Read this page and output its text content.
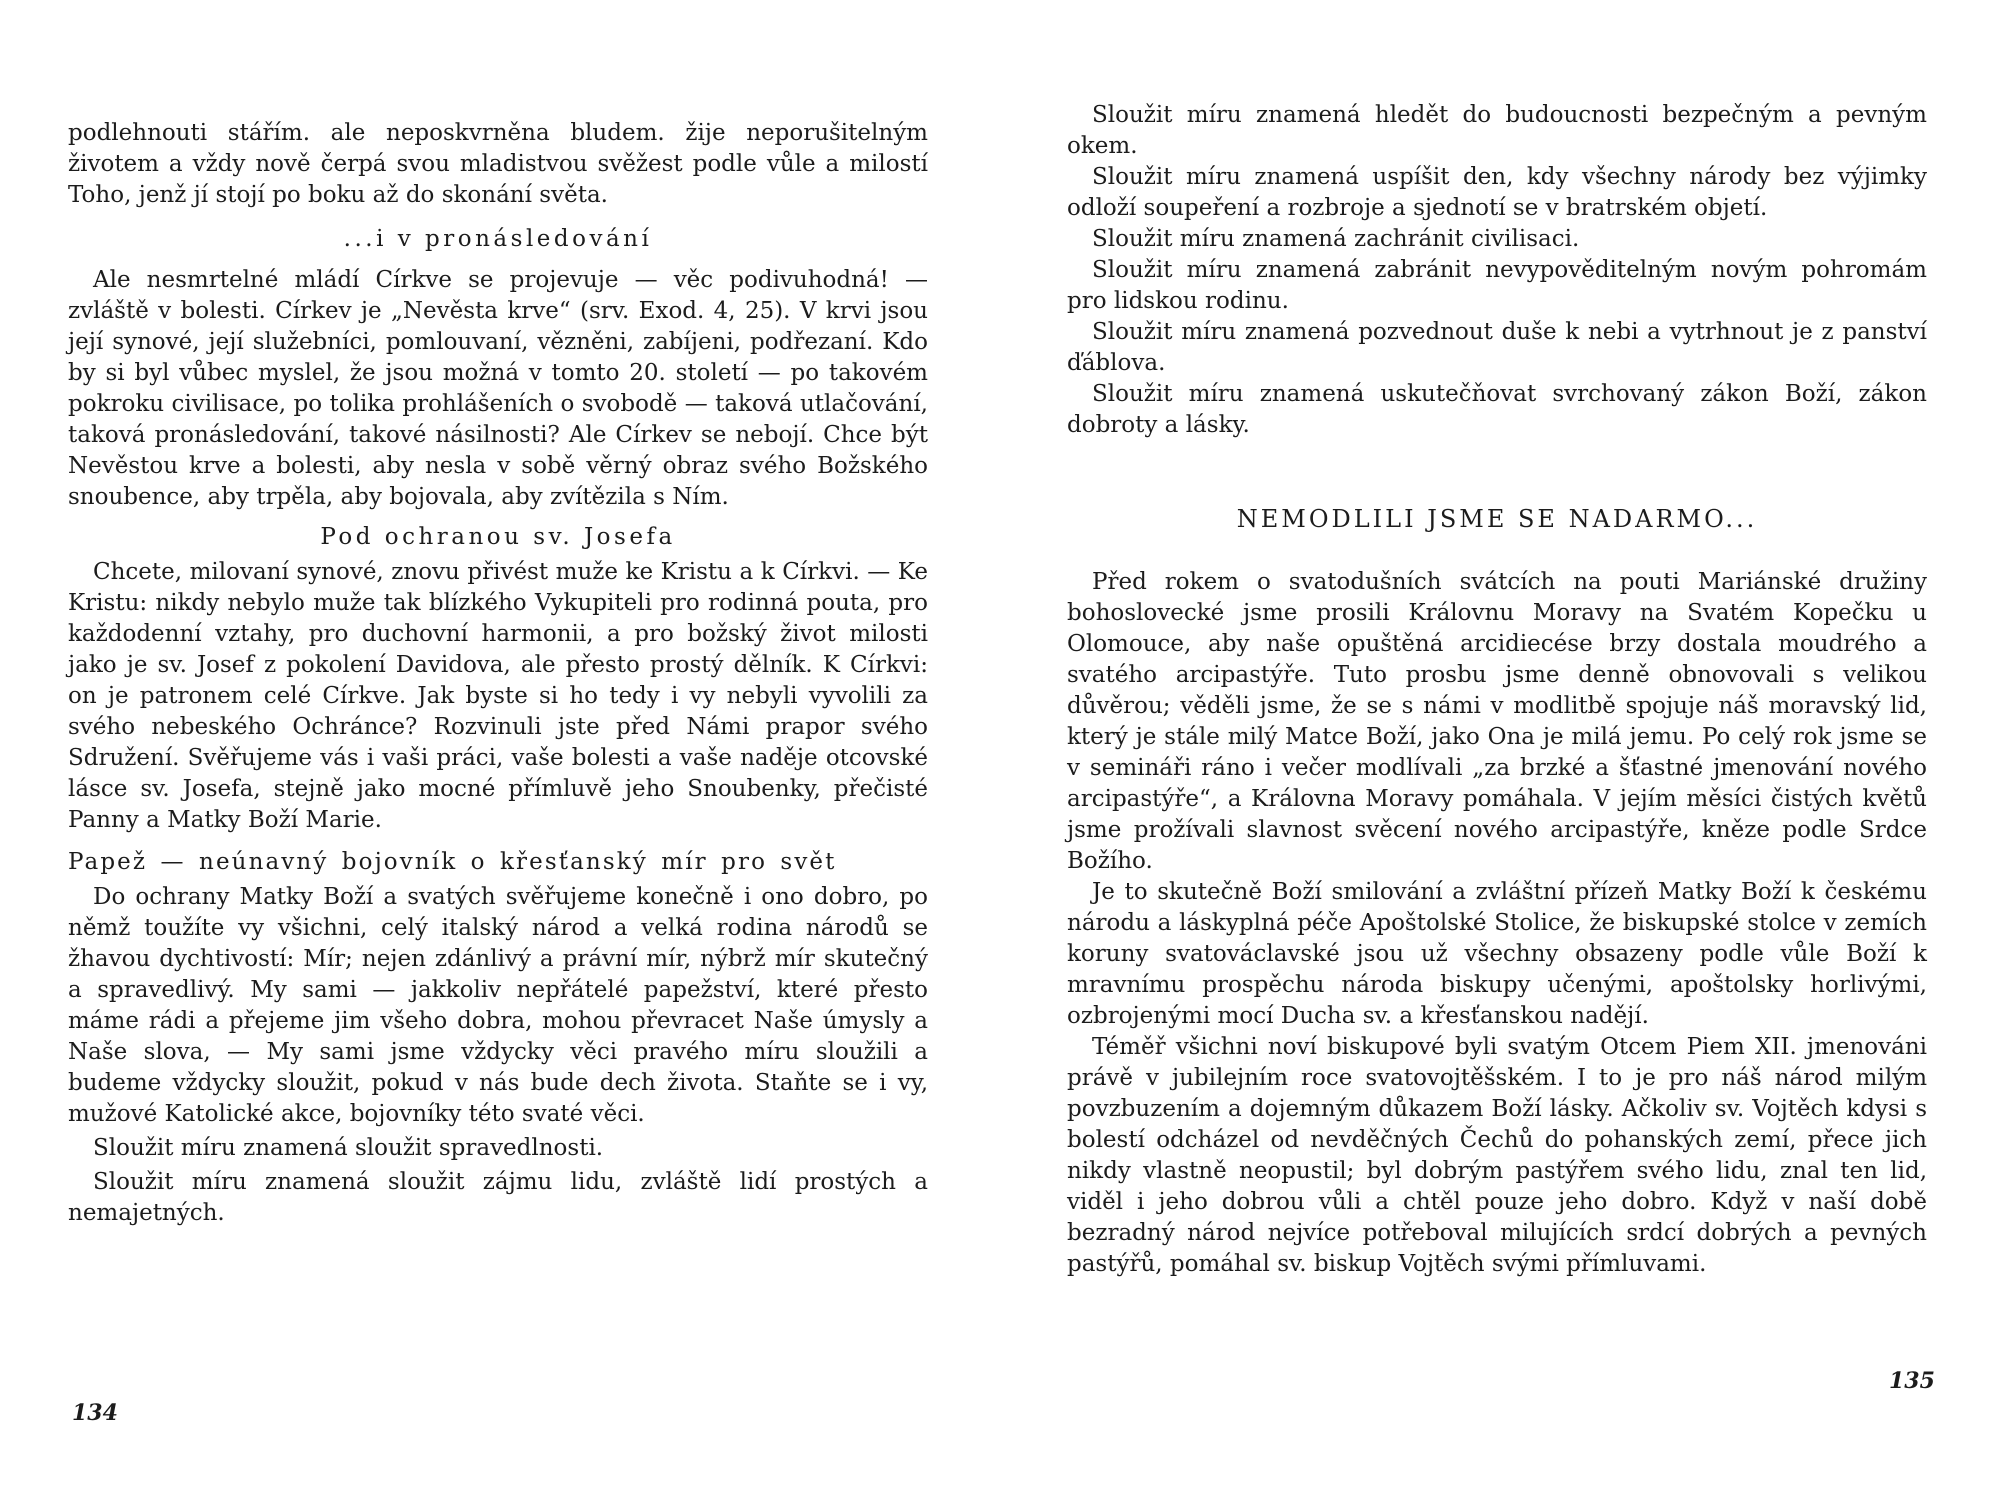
podlehnouti stářím. ale neposkvrněna bludem. žije neporušitelným životem a vždy nově čerpá svou mladistvou svěžest podle vůle a milostí Toho, jenž jí stojí po boku až do skonání světa.

...i v pronásledování

Ale nesmrtelné mládí Církve se projevuje — věc podivuhodná! — zvláště v bolesti. Církev je „Nevěsta krve“ (srv. Exod. 4, 25). V krvi jsou její synové, její služebníci, pomlouvaní, vězněni, zabíjeni, podřezaní. Kdo by si byl vůbec myslel, že jsou možná v tomto 20. století — po takovém pokroku civilisace, po tolika prohlášeních o svobodě — taková utlačování, taková pronásledování, takové násilnosti? Ale Církev se nebojí. Chce být Nevěstou krve a bolesti, aby nesla v sobě věrný obraz svého Božského snoubence, aby trpěla, aby bojovala, aby zvítězila s Ním.

Pod ochranou sv. Josefa

Chcete, milovaní synové, znovu přivést muže ke Kristu a k Církvi. — Ke Kristu: nikdy nebylo muže tak blízkého Vykupiteli pro rodinná pouta, pro každodenní vztahy, pro duchovní harmonii, a pro božský život milosti jako je sv. Josef z pokolení Davidova, ale přesto prostý dělník. K Církvi: on je patronem celé Církve. Jak byste si ho tedy i vy nebyli vyvolili za svého nebeského Ochránce? Rozvinuli jste před Námi prapor svého Sdružení. Svěřujeme vás i vaši práci, vaše bolesti a vaše naděje otcovské lásce sv. Josefa, stejně jako mocné přímluvě jeho Snoubenky, přečisté Panny a Matky Boží Marie.

Papež — neúnavný bojovník o křesťanský mír pro svět

Do ochrany Matky Boží a svatých svěřujeme konečně i ono dobro, po němž toužíte vy všichni, celý italský národ a velká rodina národů se žhavou dychtivostí: Mír; nejen zdánlivý a právní mír, nýbrž mír skutečný a spravedlivý. My sami — jakkoliv nepřátelé papežství, které přesto máme rádi a přejeme jim všeho dobra, mohou převracet Naše úmysly a Naše slova, — My sami jsme vždycky věci pravého míru sloužili a budeme vždycky sloužit, pokud v nás bude dech života. Staňte se i vy, mužové Katolické akce, bojovníky této svaté věci.

Sloužit míru znamená sloužit spravedlnosti.

Sloužit míru znamená sloužit zájmu lidu, zvláště lidí prostých a nemajetných.

134

Sloužit míru znamená hledět do budoucnosti bezpečným a pevným okem.

Sloužit míru znamená uspíšit den, kdy všechny národy bez výjimky odloží soupeření a rozbroje a sjednotí se v bratrském objetí.

Sloužit míru znamená zachránit civilisaci.

Sloužit míru znamená zabránit nevypověditelným novým pohromám pro lidskou rodinu.

Sloužit míru znamená pozvednout duše k nebi a vytrhnout je z panství ďáblova.

Sloužit míru znamená uskutečňovat svrchovaný zákon Boží, zákon dobroty a lásky.

NEMODLILI JSME SE NADARMO...

Před rokem o svatodušních svátcích na pouti Mariánské družiny bohoslovecké jsme prosili Královnu Moravy na Svatém Kopečku u Olomouce, aby naše opuštěná arcidiecése brzy dostala moudrého a svatého arcipastýře. Tuto prosbu jsme denně obnovovali s velikou důvěrou; věděli jsme, že se s námi v modlitbě spojuje náš moravský lid, který je stále milý Matce Boží, jako Ona je milá jemu. Po celý rok jsme se v semináři ráno i večer modlívali „za brzké a šťastné jmenování nového arcipastýře“, a Královna Moravy pomáhala. V jejím měsíci čistých květů jsme prožívali slavnost svěcení nového arcipastýře, kněze podle Srdce Božího.

Je to skutečně Boží smilování a zvláštní přízeň Matky Boží k českému národu a láskyplná péče Apoštolské Stolice, že biskupské stolce v zemích koruny svatováclavské jsou už všechny obsazeny podle vůle Boží k mravnímu prospěchu národa biskupy učenými, apoštolsky horlivými, ozbrojenými mocí Ducha sv. a křesťanskou nadějí.

Téměř všichni noví biskupové byli svatým Otcem Piem XII. jmenováni právě v jubilejním roce svatovojtěšském. I to je pro náš národ milým povzbuzením a dojemným důkazem Boží lásky. Ačkoliv sv. Vojtěch kdysi s bolestí odcházel od nevděčných Čechů do pohanských zemí, přece jich nikdy vlastně neopustil; byl dobrým pastýřem svého lidu, znal ten lid, viděl i jeho dobrou vůli a chtěl pouze jeho dobro. Když v naší době bezradný národ nejvíce potřeboval milujících srdcí dobrých a pevných pastýřů, pomáhal sv. biskup Vojtěch svými přímluvami.

135
